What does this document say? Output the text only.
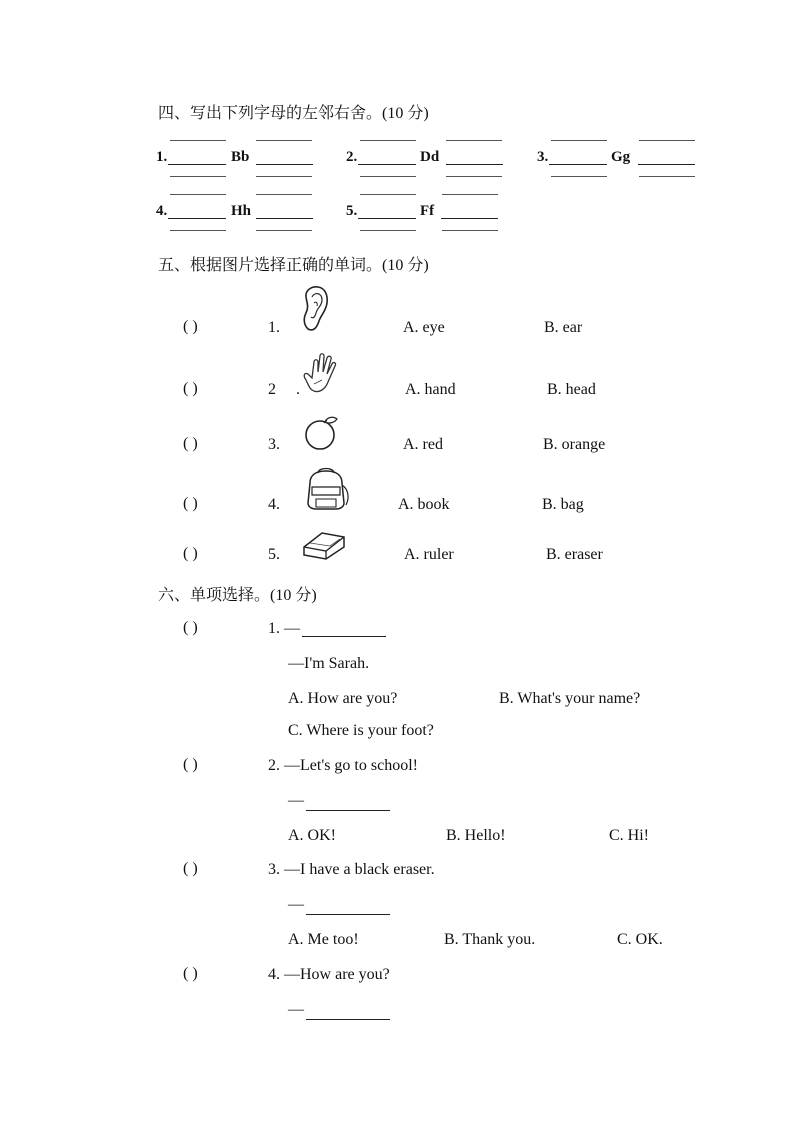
四、写出下列字母的左邻右舍。(10 分)
1.	Bb	2.	Dd	3.	Gg
4.	Hh	5.	Ff
五、根据图片选择正确的单词。(10 分)
( )	1.	A. eye	B. ear
( )	2 .	A. hand	B. head
( )	3.	A. red	B. orange
( )	4.	A. book	B. bag
( )	5.	A. ruler	B. eraser
六、单项选择。(10 分)
( )	1. —
—I'm Sarah.
A. How are you?	B. What's your name?
C. Where is your foot?
( )	2. —Let's go to school!
—
A. OK!	B. Hello!	C. Hi!
( )	3. —I have a black eraser.
—
A. Me too!	B. Thank you.	C. OK.
( )	4. —How are you?
—
